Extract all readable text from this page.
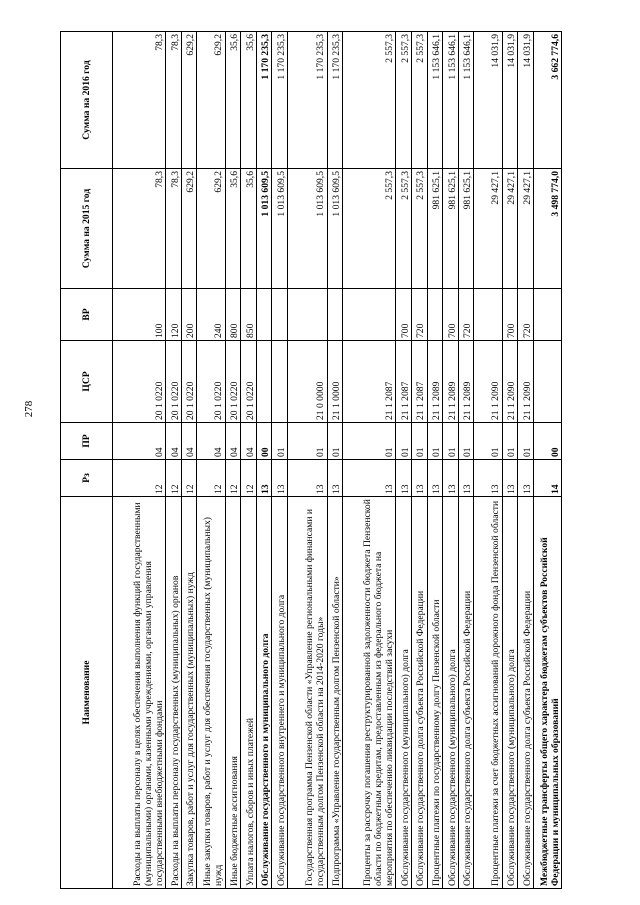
278
Наименование	Рз	ПР	ЦСР	ВР	Сумма на 2015 год	Сумма на 2016 год
Расходы на выплаты персоналу в целях обеспечения выполнения функций государственными (муниципальными) органами, казенными учреждениями, органами управления государственными внебюджетными фондами	12	04	20 1 0220	100	78,3	78,3
Расходы на выплаты персоналу государственных (муниципальных) органов	12	04	20 1 0220	120	78,3	78,3
Закупка товаров, работ и услуг для государственных (муниципальных) нужд	12	04	20 1 0220	200	629,2	629,2
Иные закупки товаров, работ и услуг для обеспечения государственных (муниципальных) нужд	12	04	20 1 0220	240	629,2	629,2
Иные бюджетные ассигнования	12	04	20 1 0220	800	35,6	35,6
Уплата налогов, сборов и иных платежей	12	04	20 1 0220	850	35,6	35,6
Обслуживание государственного и муниципального долга	13	00			1 013 609,5	1 170 235,3
Обслуживание государственного внутреннего и муниципального долга	13	01			1 013 609,5	1 170 235,3
Государственная программа Пензенской области «Управление региональными финансами и государственным долгом Пензенской области на 2014-2020 годы»	13	01	21 0 0000		1 013 609,5	1 170 235,3
Подпрограмма «Управление государственным долгом Пензенской области»	13	01	21 1 0000		1 013 609,5	1 170 235,3
Проценты за рассрочку погашения реструктурированной задолженности бюджета Пензенской области по бюджетным кредитам, предоставленным из федерального бюджета на мероприятия по обеспечению ликвидации последствий засухи	13	01	21 1 2087		2 557,3	2 557,3
Обслуживание государственного (муниципального) долга	13	01	21 1 2087	700	2 557,3	2 557,3
Обслуживание государственного долга субъекта Российской Федерации	13	01	21 1 2087	720	2 557,3	2 557,3
Процентные платежи по государственному долгу Пензенской области	13	01	21 1 2089		981 625,1	1 153 646,1
Обслуживание государственного (муниципального) долга	13	01	21 1 2089	700	981 625,1	1 153 646,1
Обслуживание государственного долга субъекта Российской Федерации	13	01	21 1 2089	720	981 625,1	1 153 646,1
Процентные платежи за счет бюджетных ассигнований дорожного фонда Пензенской области	13	01	21 1 2090		29 427,1	14 031,9
Обслуживание государственного (муниципального) долга	13	01	21 1 2090	700	29 427,1	14 031,9
Обслуживание государственного долга субъекта Российской Федерации	13	01	21 1 2090	720	29 427,1	14 031,9
Межбюджетные трансферты общего характера бюджетам субъектов Российской Федерации и муниципальных образований	14	00			3 498 774,0	3 662 774,6
